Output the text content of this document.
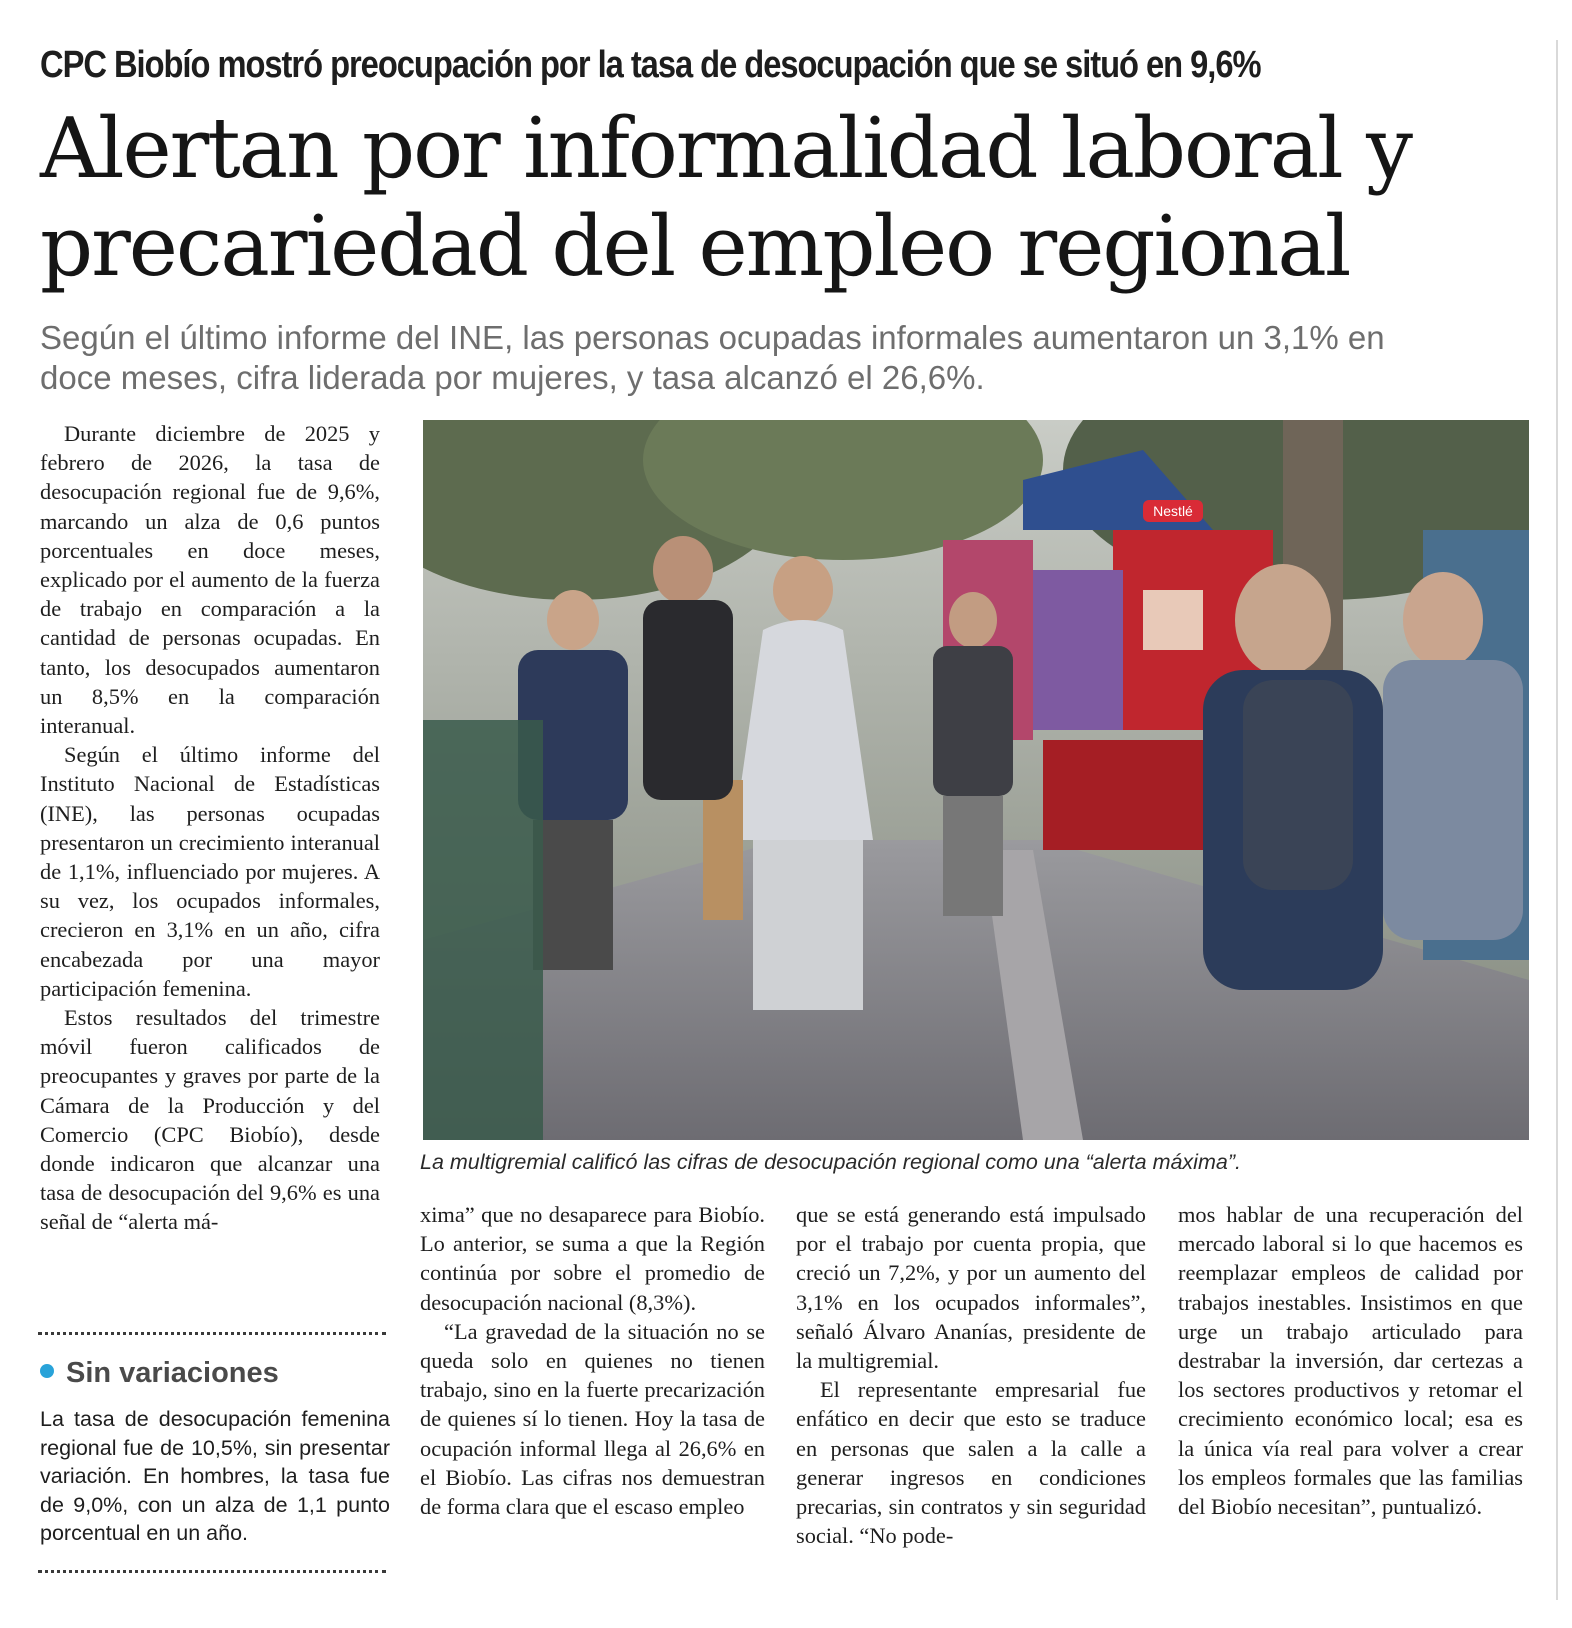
CPC Biobío mostró preocupación por la tasa de desocupación que se situó en 9,6%
Alertan por informalidad laboral y
precariedad del empleo regional
Según el último informe del INE, las personas ocupadas informales aumentaron un 3,1% en
doce meses, cifra liderada por mujeres, y tasa alcanzó el 26,6%.

Durante diciembre de 2025 y febrero de 2026, la tasa de desocupación regional fue de 9,6%, marcando un alza de 0,6 puntos porcentuales en doce meses, explicado por el aumento de la fuerza de trabajo en comparación a la cantidad de personas ocupadas. En tanto, los desocupados aumentaron un 8,5% en la comparación interanual.

Según el último informe del Instituto Nacional de Estadísticas (INE), las personas ocupadas presentaron un crecimiento interanual de 1,1%, influenciado por mujeres. A su vez, los ocupados informales, crecieron en 3,1% en un año, cifra encabezada por una mayor participación femenina.

Estos resultados del trimestre móvil fueron calificados de preocupantes y graves por parte de la Cámara de la Producción y del Comercio (CPC Biobío), desde donde indicaron que alcanzar una tasa de desocupación del 9,6% es una señal de “alerta má-

Nestlé
La multigremial calificó las cifras de desocupación regional como una “alerta máxima”.

xima” que no desaparece para Biobío. Lo anterior, se suma a que la Región continúa por sobre el promedio de desocupación nacional (8,3%).

“La gravedad de la situación no se queda solo en quienes no tienen trabajo, sino en la fuerte precarización de quienes sí lo tienen. Hoy la tasa de ocupación informal llega al 26,6% en el Biobío. Las cifras nos demuestran de forma clara que el escaso empleo

que se está generando está impulsado por el trabajo por cuenta propia, que creció un 7,2%, y por un aumento del 3,1% en los ocupados informales”, señaló Álvaro Ananías, presidente de la multigremial.

El representante empresarial fue enfático en decir que esto se traduce en personas que salen a la calle a generar ingresos en condiciones precarias, sin contratos y sin seguridad social. “No pode-

mos hablar de una recuperación del mercado laboral si lo que hacemos es reemplazar empleos de calidad por trabajos inestables. Insistimos en que urge un trabajo articulado para destrabar la inversión, dar certezas a los sectores productivos y retomar el crecimiento económico local; esa es la única vía real para volver a crear los empleos formales que las familias del Biobío necesitan”, puntualizó.

Sin variaciones
La tasa de desocupación femenina regional fue de 10,5%, sin presentar variación. En hombres, la tasa fue de 9,0%, con un alza de 1,1 punto porcentual en un año.
